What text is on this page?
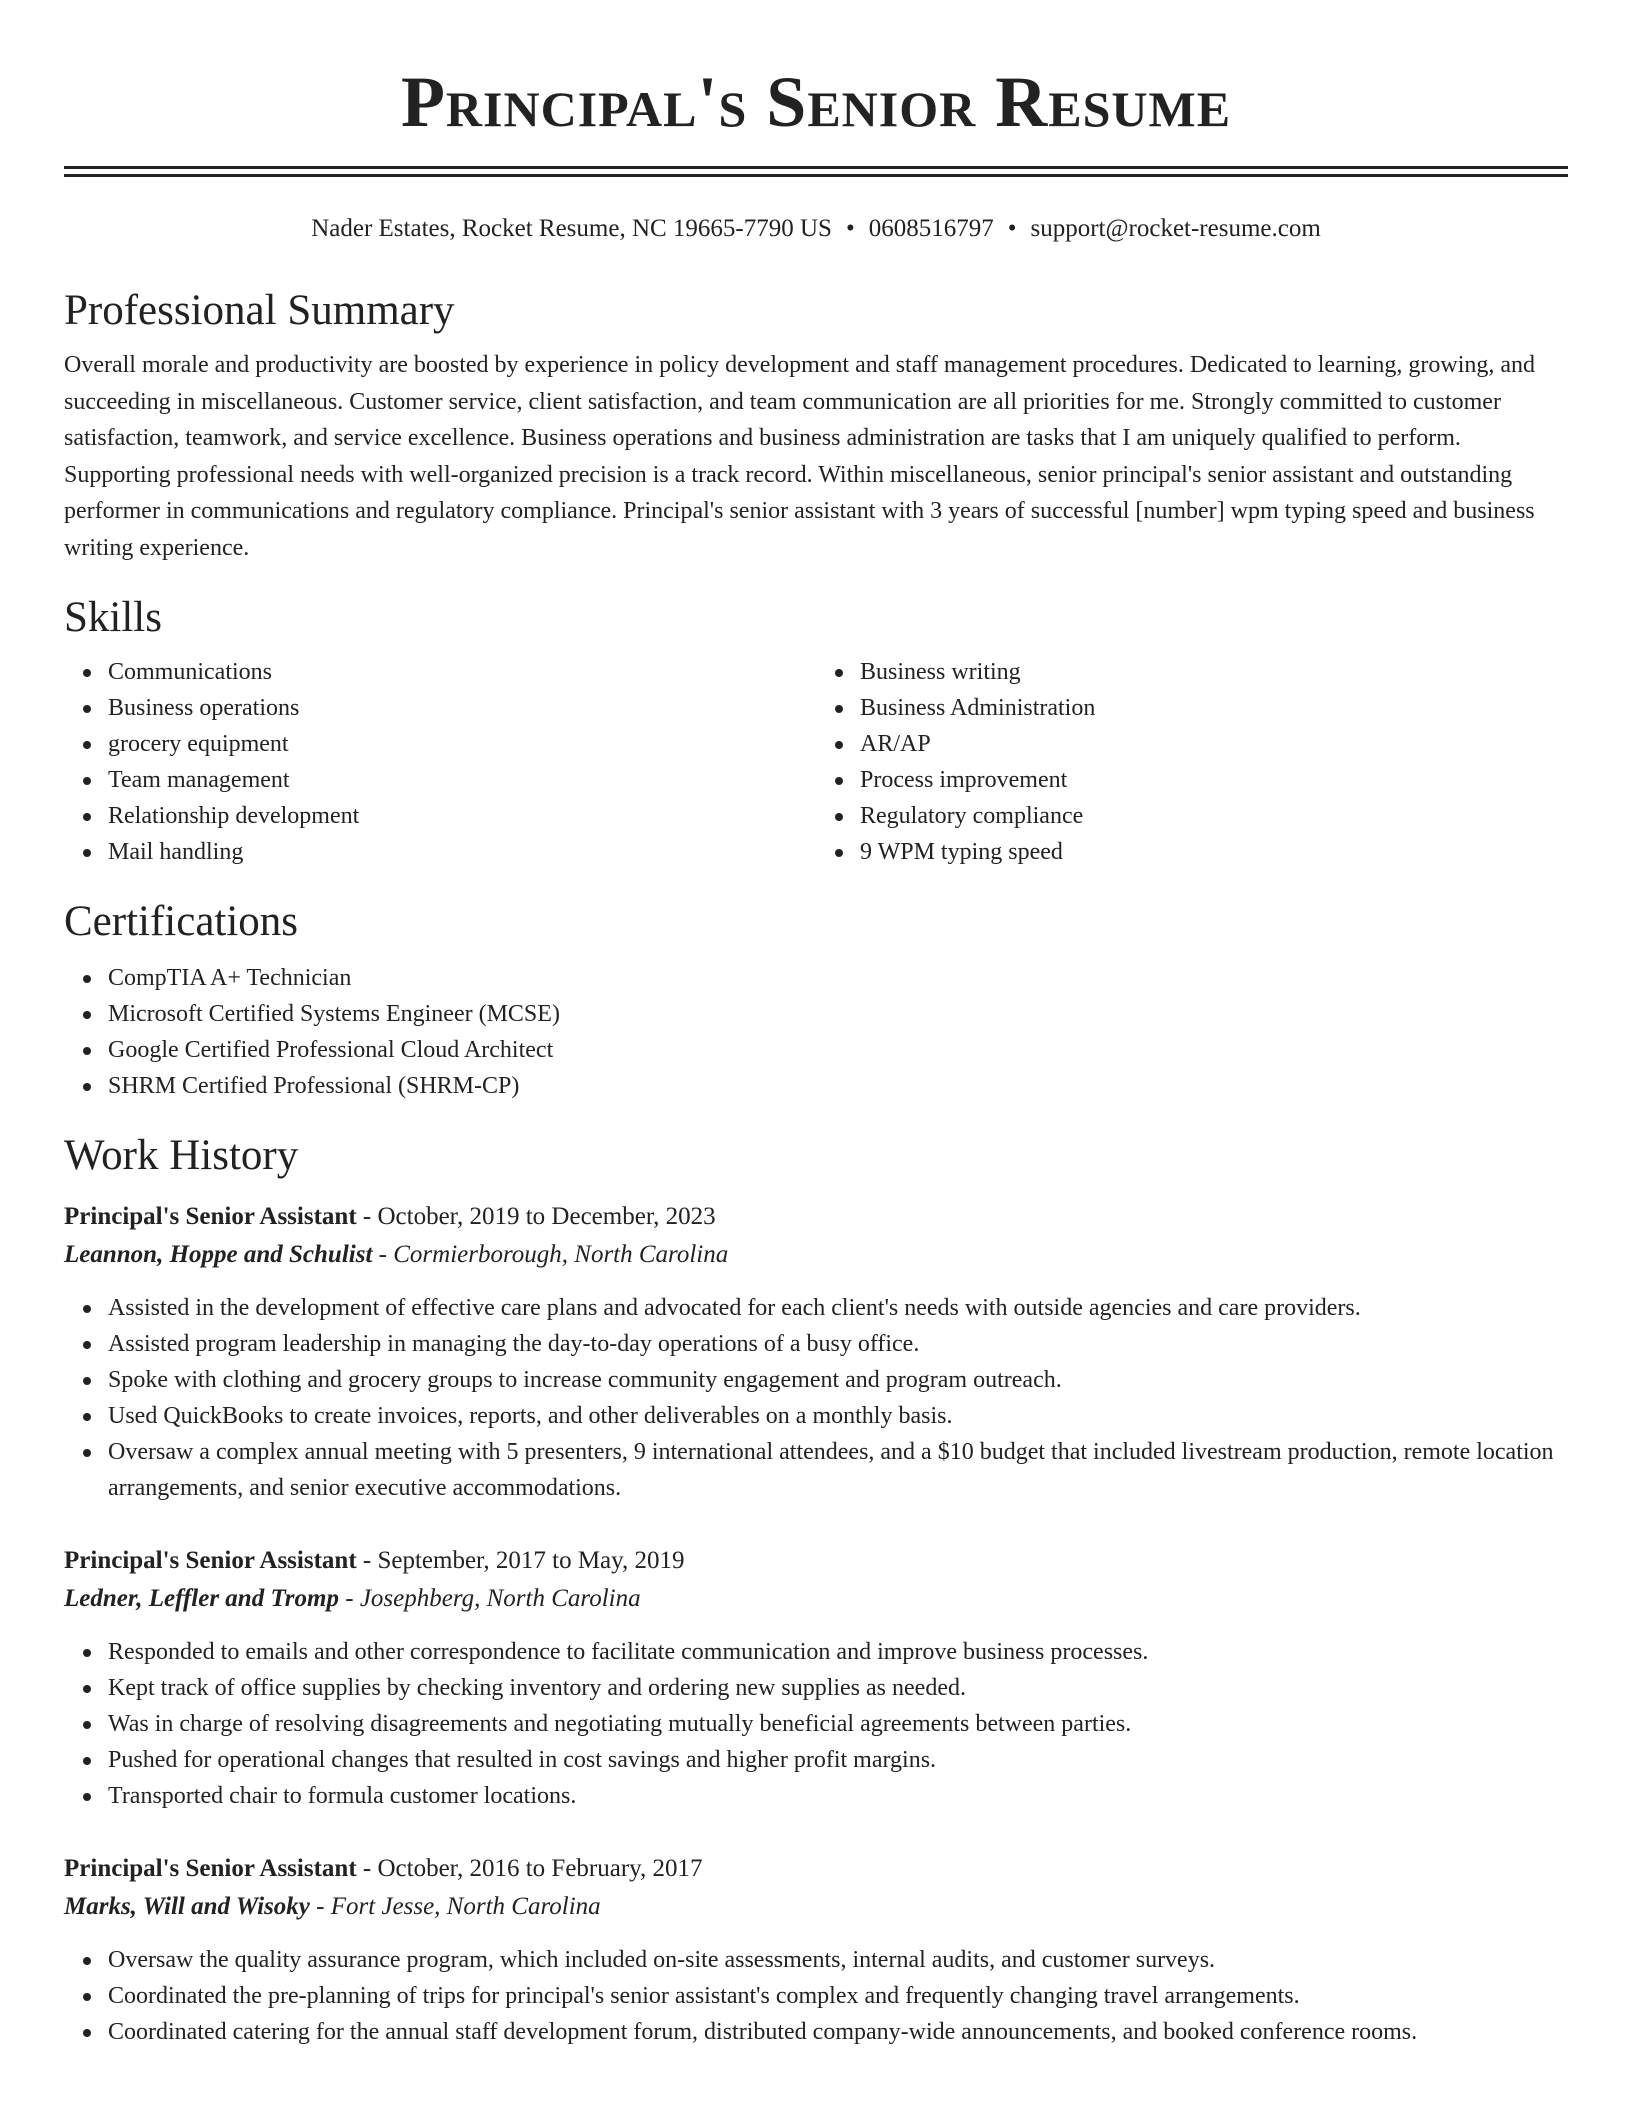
Principal's Senior Resume
Nader Estates, Rocket Resume, NC 19665-7790 US • 0608516797 • support@rocket-resume.com
Professional Summary

Overall morale and productivity are boosted by experience in policy development and staff management procedures. Dedicated to learning, growing, and succeeding in miscellaneous. Customer service, client satisfaction, and team communication are all priorities for me. Strongly committed to customer satisfaction, teamwork, and service excellence. Business operations and business administration are tasks that I am uniquely qualified to perform. Supporting professional needs with well-organized precision is a track record. Within miscellaneous, senior principal's senior assistant and outstanding performer in communications and regulatory compliance. Principal's senior assistant with 3 years of successful [number] wpm typing speed and business writing experience.

Skills
Communications
Business operations
grocery equipment
Team management
Relationship development
Mail handling
Business writing
Business Administration
AR/AP
Process improvement
Regulatory compliance
9 WPM typing speed
Certifications
CompTIA A+ Technician
Microsoft Certified Systems Engineer (MCSE)
Google Certified Professional Cloud Architect
SHRM Certified Professional (SHRM-CP)
Work History
Principal's Senior Assistant - October, 2019 to December, 2023
Leannon, Hoppe and Schulist - Cormierborough, North Carolina
Assisted in the development of effective care plans and advocated for each client's needs with outside agencies and care providers.
Assisted program leadership in managing the day-to-day operations of a busy office.
Spoke with clothing and grocery groups to increase community engagement and program outreach.
Used QuickBooks to create invoices, reports, and other deliverables on a monthly basis.
Oversaw a complex annual meeting with 5 presenters, 9 international attendees, and a $10 budget that included livestream production, remote location arrangements, and senior executive accommodations.
Principal's Senior Assistant - September, 2017 to May, 2019
Ledner, Leffler and Tromp - Josephberg, North Carolina
Responded to emails and other correspondence to facilitate communication and improve business processes.
Kept track of office supplies by checking inventory and ordering new supplies as needed.
Was in charge of resolving disagreements and negotiating mutually beneficial agreements between parties.
Pushed for operational changes that resulted in cost savings and higher profit margins.
Transported chair to formula customer locations.
Principal's Senior Assistant - October, 2016 to February, 2017
Marks, Will and Wisoky - Fort Jesse, North Carolina
Oversaw the quality assurance program, which included on-site assessments, internal audits, and customer surveys.
Coordinated the pre-planning of trips for principal's senior assistant's complex and frequently changing travel arrangements.
Coordinated catering for the annual staff development forum, distributed company-wide announcements, and booked conference rooms.
